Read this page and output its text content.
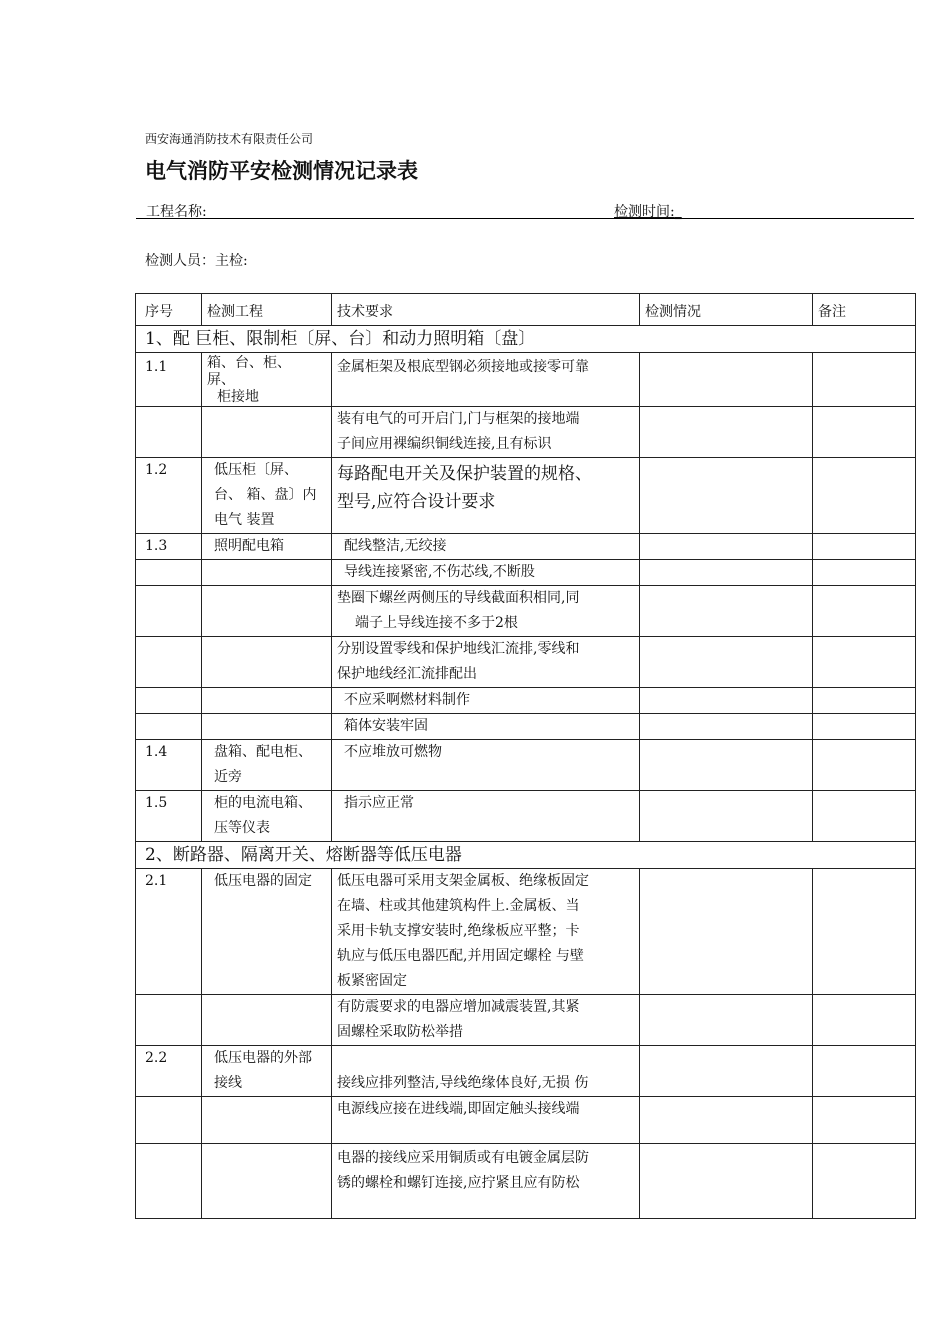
西安海通消防技术有限责任公司
电气消防平安检测情况记录表
工程名称:	检测时间:_
检测人员：主检:
序号	检测工程	技术要求	检测情况	备注
1、配 巨柜、限制柜〔屏、台〕和动力照明箱〔盘〕				
1.1	箱、台、柜、
屏、
柜接地	金属柜架及根底型钢必须接地或接零可靠		
		装有电气的可开启门,门与框架的接地端
子间应用裸编织铜线连接,且有标识		
1.2	低压柜〔屏、
台、 箱、盘〕内
电气 装置	每路配电开关及保护装置的规格、
型号,应符合设计要求		

1.3	照明配电箱	配线整洁,无绞接		
		导线连接紧密,不伤芯线,不断股		
		垫圈下螺丝两侧压的导线截面积相同,同
端子上导线连接不多于2根		
		分别设置零线和保护地线汇流排,零线和
保护地线经汇流排配出		
		不应采啊燃材料制作		
		箱体安装牢固		
1.4	盘箱、配电柜、
近旁	不应堆放可燃物		
1.5	柜的电流电箱、
压等仪表	指示应正常		
2、断路器、隔离开关、熔断器等低压电器				
2.1	低压电器的固定	低压电器可采用支架金属板、绝缘板固定
在墙、柱或其他建筑构件上.金属板、当
采用卡轨支撑安装时,绝缘板应平整；卡
轨应与低压电器匹配,并用固定螺栓 与壁
板紧密固定		
		有防震要求的电器应增加减震装置,其紧
固螺栓采取防松举措		
2.2	低压电器的外部
接线	接线应排列整洁,导线绝缘体良好,无损 伤		
		电源线应接在进线端,即固定触头接线端		
		电器的接线应采用铜质或有电镀金属层防
锈的螺栓和螺钉连接,应拧紧且应有防松		
